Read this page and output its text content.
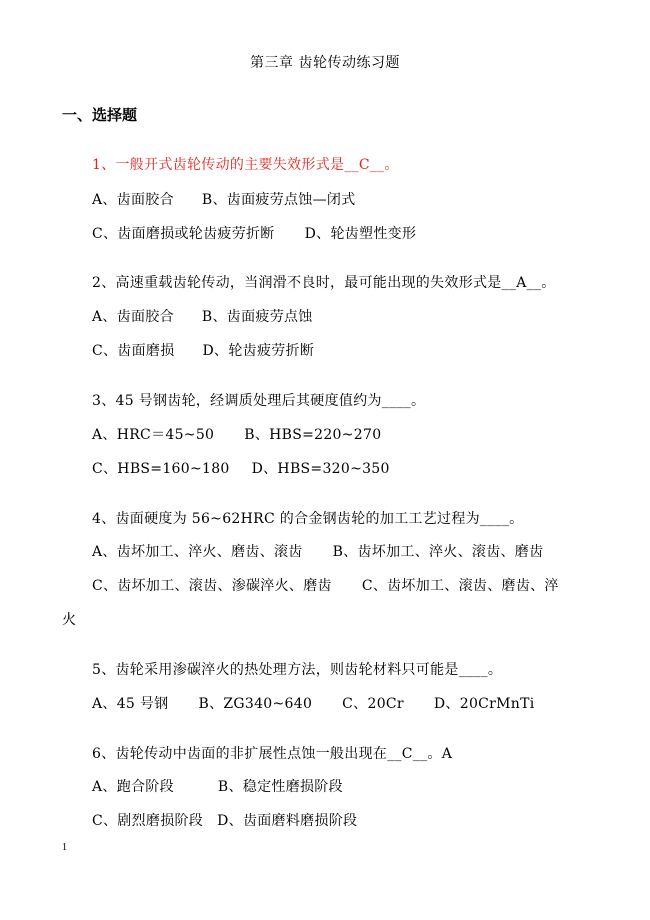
第三章 齿轮传动练习题
一、选择题
1、一般开式齿轮传动的主要失效形式是__C__。
A、齿面胶合 B、齿面疲劳点蚀—闭式
C、齿面磨损或轮齿疲劳折断 D、轮齿塑性变形
2、高速重载齿轮传动，当润滑不良时，最可能出现的失效形式是__A__。
A、齿面胶合 B、齿面疲劳点蚀
C、齿面磨损 D、轮齿疲劳折断
3、45 号钢齿轮，经调质处理后其硬度值约为____。
A、HRC＝45~50 B、HBS=220~270
C、HBS=160~180 D、HBS=320~350
4、齿面硬度为 56~62HRC 的合金钢齿轮的加工工艺过程为____。
A、齿坏加工、淬火、磨齿、滚齿 B、齿坏加工、淬火、滚齿、磨齿
C、齿坏加工、滚齿、渗碳淬火、磨齿 C、齿坏加工、滚齿、磨齿、淬
火
5、齿轮采用渗碳淬火的热处理方法，则齿轮材料只可能是____。
A、45 号钢 B、ZG340~640 C、20Cr D、20CrMnTi
6、齿轮传动中齿面的非扩展性点蚀一般出现在__C__。A
A、跑合阶段	B、稳定性磨损阶段
C、剧烈磨损阶段 D、齿面磨料磨损阶段
1
